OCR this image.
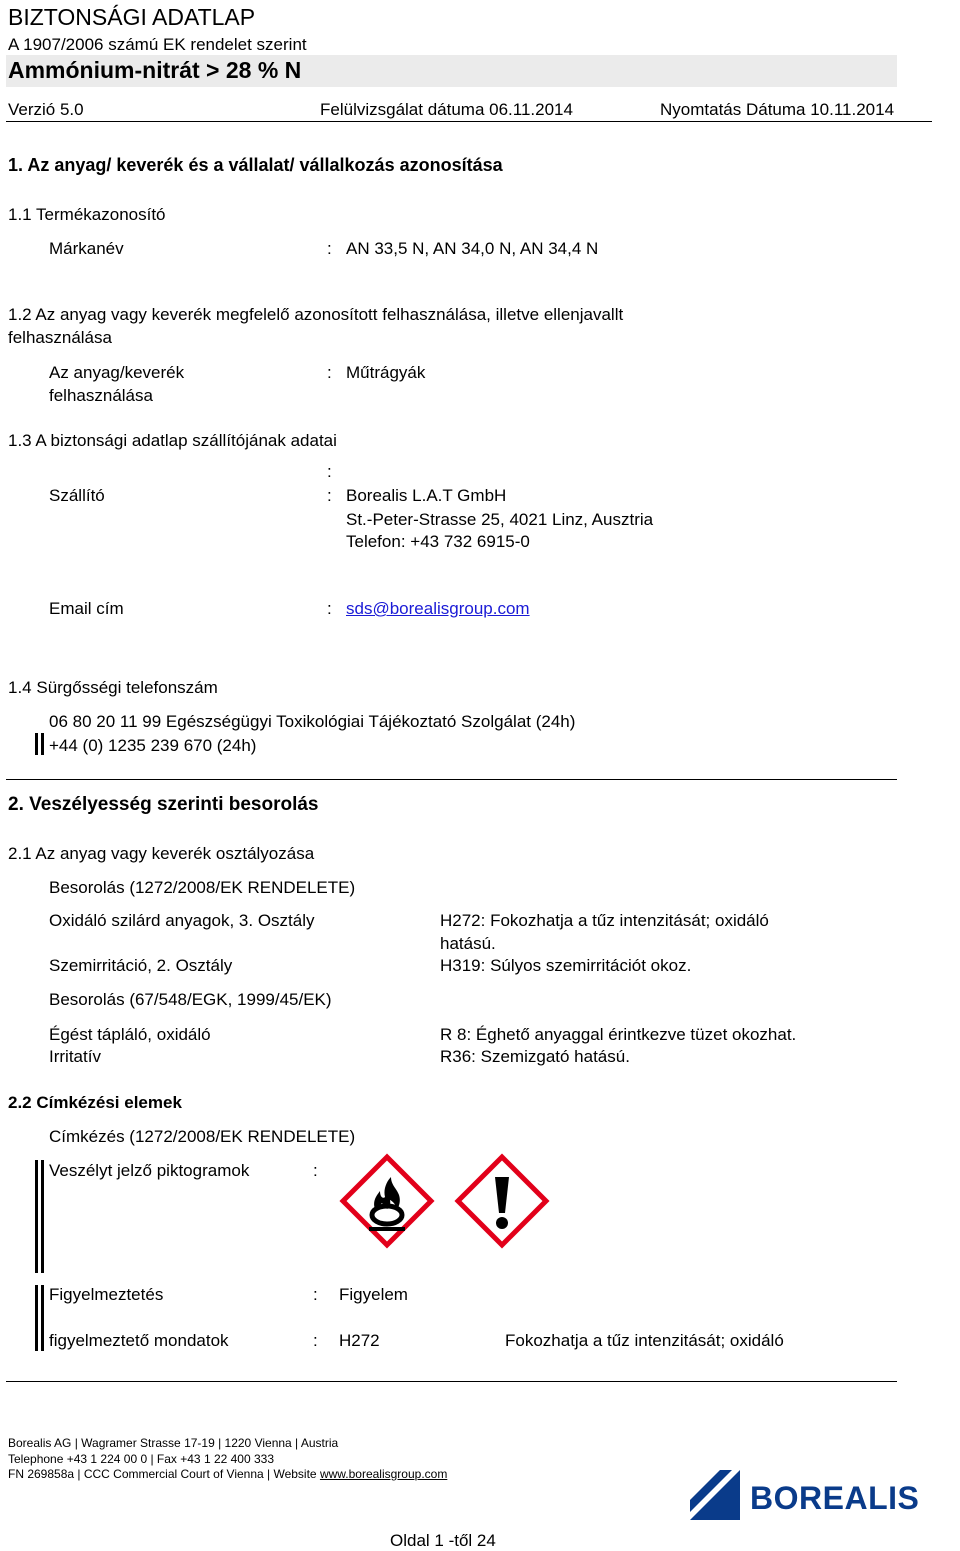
BIZTONSÁGI ADATLAP
A 1907/2006 számú EK rendelet szerint
Ammónium-nitrát > 28 % N
Verzió 5.0	Felülvizsgálat dátuma 06.11.2014	Nyomtatás Dátuma 10.11.2014
1. Az anyag/ keverék és a vállalat/ vállalkozás azonosítása
1.1 Termékazonosító
Márkanév	: AN 33,5 N, AN 34,0 N, AN 34,4 N
1.2 Az anyag vagy keverék megfelelő azonosított felhasználása, illetve ellenjavallt
felhasználása
Az anyag/keverék
felhasználása
: Műtrágyák
1.3 A biztonsági adatlap szállítójának adatai
:
Szállító	: Borealis L.A.T GmbH
St.-Peter-Strasse 25, 4021 Linz, Ausztria
Telefon: +43 732 6915-0
Email cím	: sds@borealisgroup.com
1.4 Sürgősségi telefonszám
06 80 20 11 99 Egészségügyi Toxikológiai Tájékoztató Szolgálat (24h)
+44 (0) 1235 239 670 (24h)
2. Veszélyesség szerinti besorolás
2.1 Az anyag vagy keverék osztályozása
Besorolás (1272/2008/EK RENDELETE)
Oxidáló szilárd anyagok, 3. Osztály	H272: Fokozhatja a tűz intenzitását; oxidáló
hatású.
Szemirritáció, 2. Osztály	H319: Súlyos szemirritációt okoz.
Besorolás (67/548/EGK, 1999/45/EK)
Égést tápláló, oxidáló	R 8: Éghető anyaggal érintkezve tüzet okozhat.
Irritatív	R36: Szemizgató hatású.
2.2 Címkézési elemek
Címkézés (1272/2008/EK RENDELETE)
Veszélyt jelző piktogramok	:
Figyelmeztetés	: Figyelem
figyelmeztető mondatok	: H272	Fokozhatja a tűz intenzitását; oxidáló
Borealis AG | Wagramer Strasse 17-19 | 1220 Vienna | Austria
Telephone +43 1 224 00 0 | Fax +43 1 22 400 333
FN 269858a | CCC Commercial Court of Vienna | Website www.borealisgroup.com
BOREALIS
Oldal 1 -től 24
